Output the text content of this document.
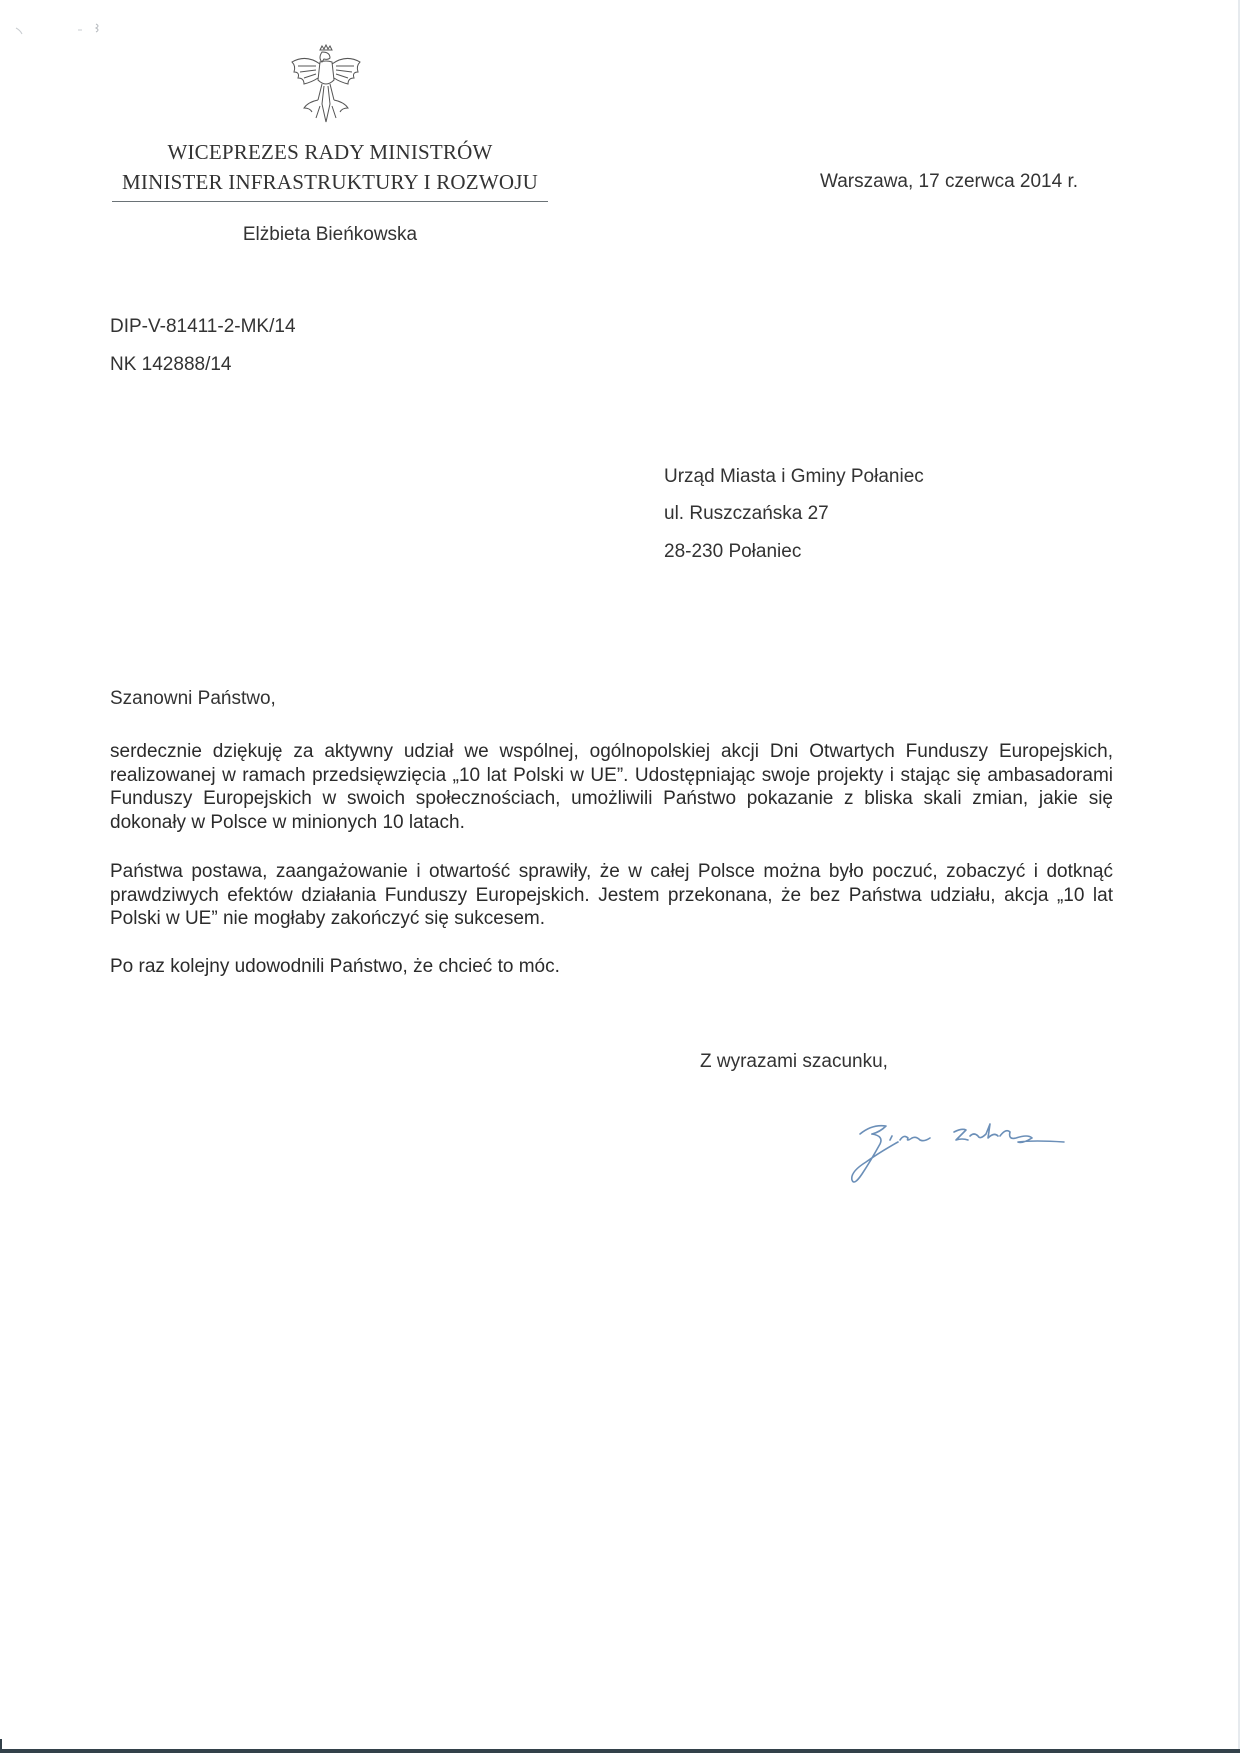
WICEPREZES RADY MINISTRÓW
MINISTER INFRASTRUKTURY I ROZWOJU
Elżbieta Bieńkowska
Warszawa, 17 czerwca 2014 r.
DIP-V-81411-2-MK/14
NK 142888/14
Urząd Miasta i Gminy Połaniec
ul. Ruszczańska 27
28-230 Połaniec
Szanowni Państwo,

serdecznie dziękuję za aktywny udział we wspólnej, ogólnopolskiej akcji Dni Otwartych Funduszy Europejskich, realizowanej w ramach przedsięwzięcia „10 lat Polski w UE”. Udostępniając swoje projekty i stając się ambasadorami Funduszy Europejskich w swoich społecznościach, umożliwili Państwo pokazanie z bliska skali zmian, jakie się dokonały w Polsce w minionych 10 latach.

Państwa postawa, zaangażowanie i otwartość sprawiły, że w całej Polsce można było poczuć, zobaczyć i dotknąć prawdziwych efektów działania Funduszy Europejskich. Jestem przekonana, że bez Państwa udziału, akcja „10 lat Polski w UE” nie mogłaby zakończyć się sukcesem.

Po raz kolejny udowodnili Państwo, że chcieć to móc.

Z wyrazami szacunku,
